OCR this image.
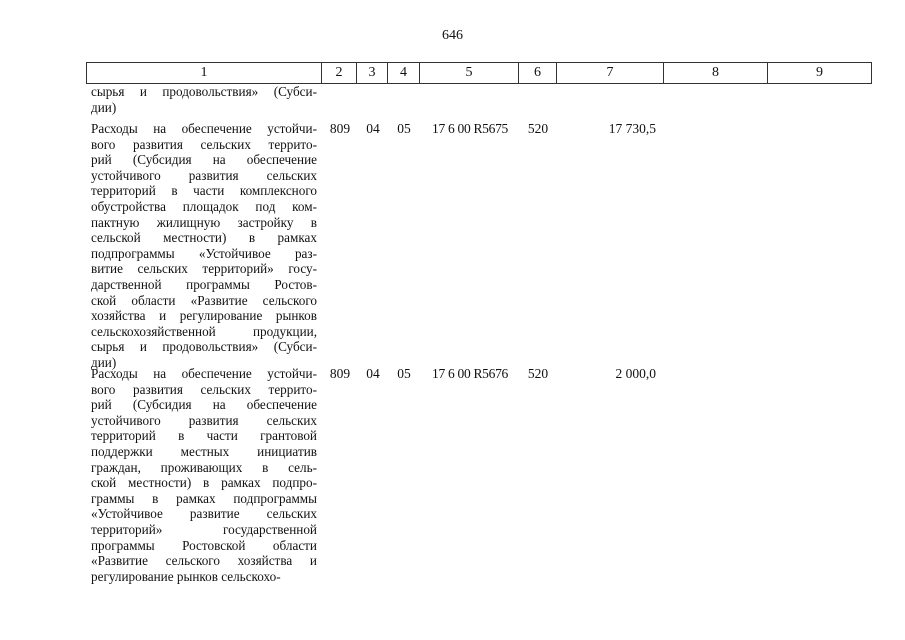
646
1	2	3	4	5	6	7	8	9
сырья и продовольствия» (Субси-
дии)
Расходы на обеспечение устойчи-
вого развития сельских террито-
рий (Субсидия на обеспечение
устойчивого развития сельских
территорий в части комплексного
обустройства площадок под ком-
пактную жилищную застройку в
сельской местности) в рамках
подпрограммы «Устойчивое раз-
витие сельских территорий» госу-
дарственной программы Ростов-
ской области «Развитие сельского
хозяйства и регулирование рынков
сельскохозяйственной продукции,
сырья и продовольствия» (Субси-
дии)
809	04	05	17 6 00 R5675	520	17 730,5
Расходы на обеспечение устойчи-
вого развития сельских террито-
рий (Субсидия на обеспечение
устойчивого развития сельских
территорий в части грантовой
поддержки местных инициатив
граждан, проживающих в сель-
ской местности) в рамках подпро-
граммы в рамках подпрограммы
«Устойчивое развитие сельских
территорий» государственной
программы Ростовской области
«Развитие сельского хозяйства и
регулирование рынков сельскохо-
809	04	05	17 6 00 R5676	520	2 000,0
